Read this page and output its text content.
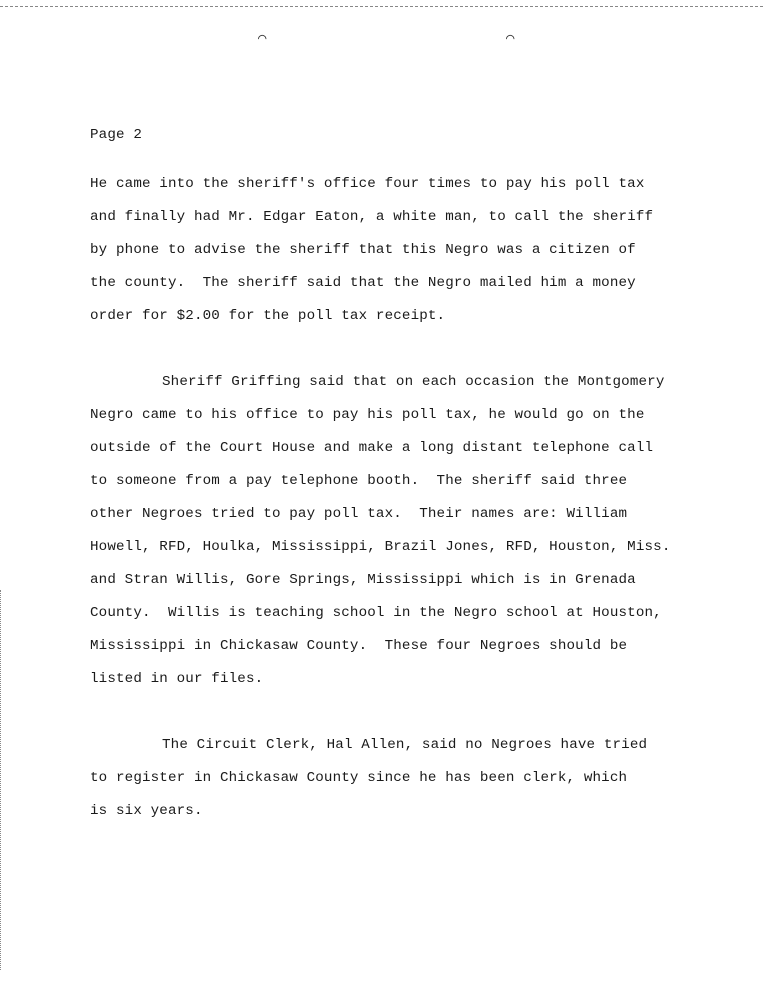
⌒	⌒
Page 2

He came into the sheriff's office four times to pay his poll tax

and finally had Mr. Edgar Eaton, a white man, to call the sheriff

by phone to advise the sheriff that this Negro was a citizen of

the county.  The sheriff said that the Negro mailed him a money

order for $2.00 for the poll tax receipt.

Sheriff Griffing said that on each occasion the Montgomery

Negro came to his office to pay his poll tax, he would go on the

outside of the Court House and make a long distant telephone call

to someone from a pay telephone booth.  The sheriff said three

other Negroes tried to pay poll tax.  Their names are: William

Howell, RFD, Houlka, Mississippi, Brazil Jones, RFD, Houston, Miss.

and Stran Willis, Gore Springs, Mississippi which is in Grenada

County.  Willis is teaching school in the Negro school at Houston,

Mississippi in Chickasaw County.  These four Negroes should be

listed in our files.

The Circuit Clerk, Hal Allen, said no Negroes have tried

to register in Chickasaw County since he has been clerk, which

is six years.
